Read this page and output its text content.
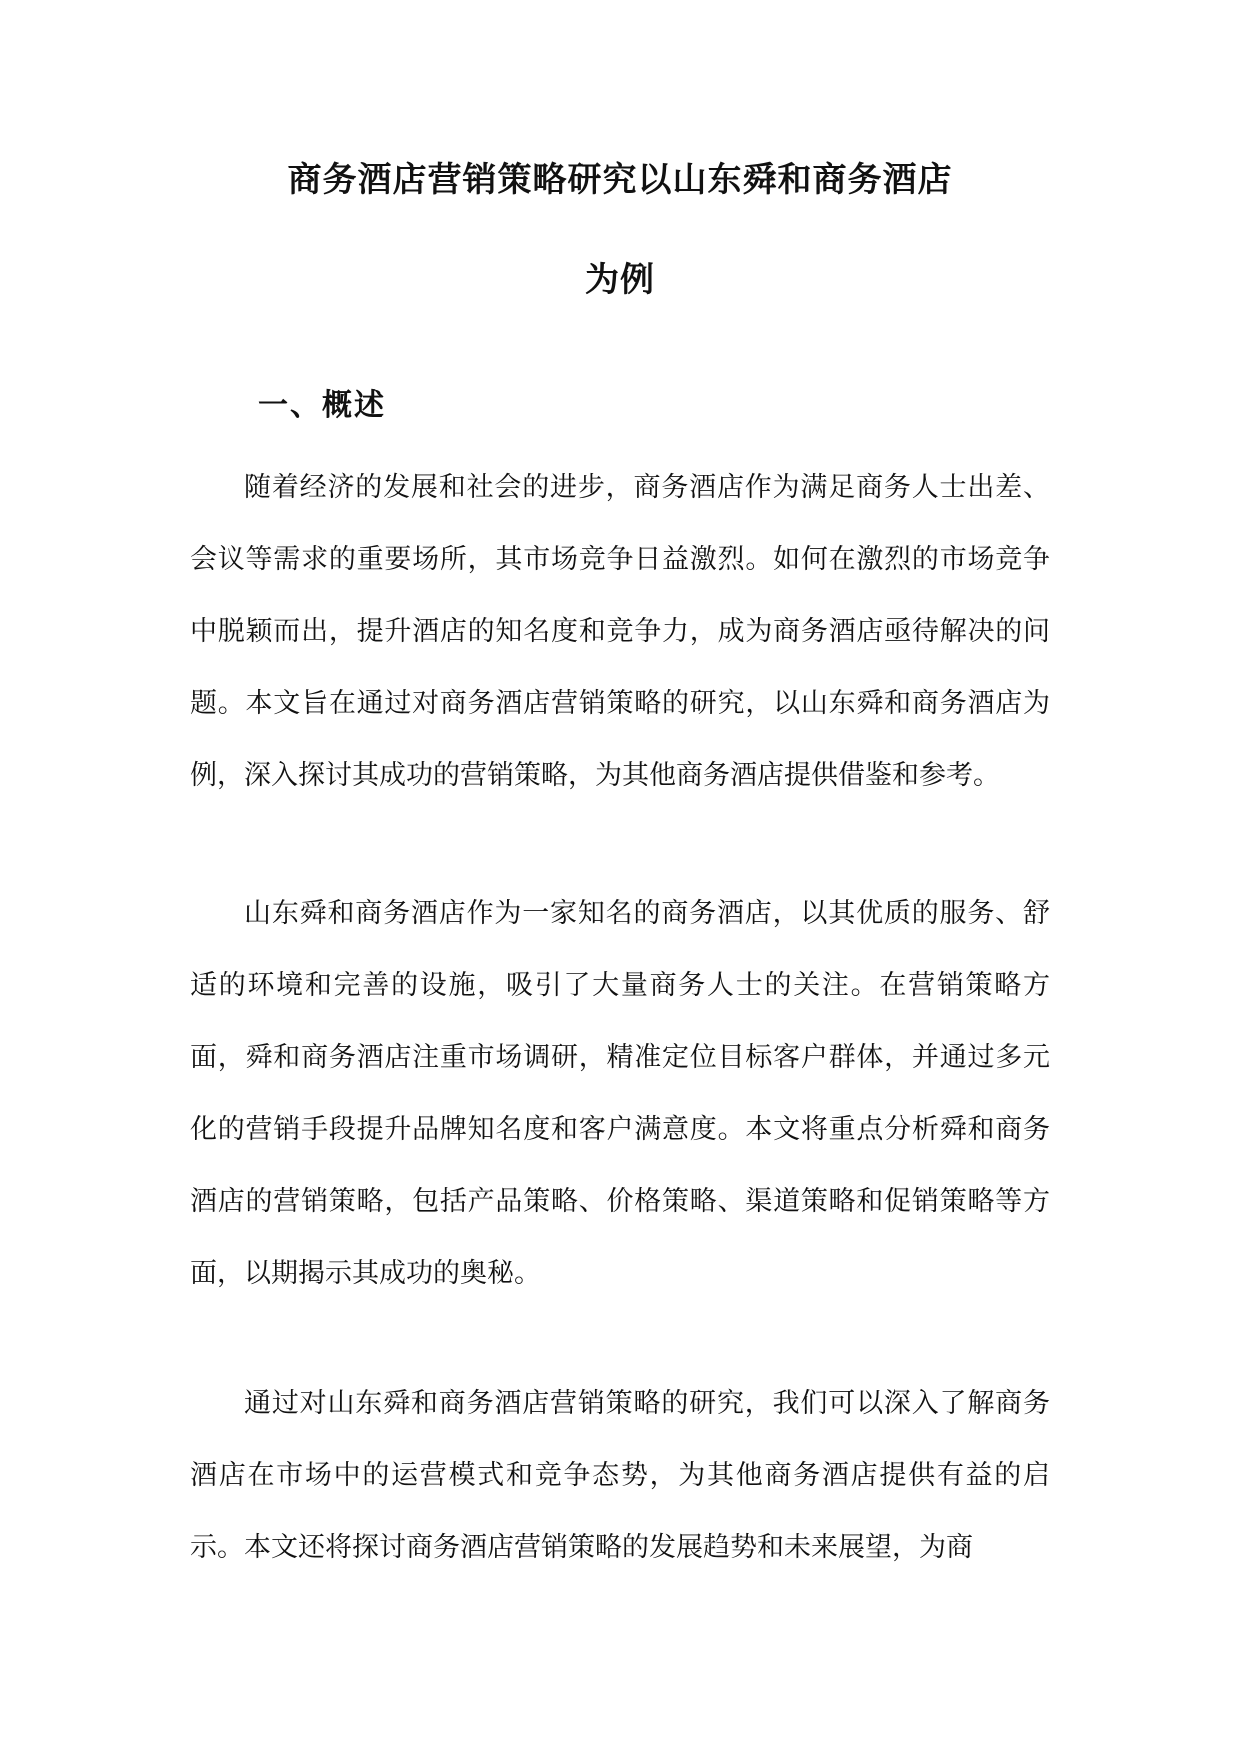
商务酒店营销策略研究以山东舜和商务酒店
为例
一、概述

随着经济的发展和社会的进步，商务酒店作为满足商务人士出差、会议等需求的重要场所，其市场竞争日益激烈。如何在激烈的市场竞争中脱颖而出，提升酒店的知名度和竞争力，成为商务酒店亟待解决的问题。本文旨在通过对商务酒店营销策略的研究，以山东舜和商务酒店为例，深入探讨其成功的营销策略，为其他商务酒店提供借鉴和参考。

山东舜和商务酒店作为一家知名的商务酒店，以其优质的服务、舒适的环境和完善的设施，吸引了大量商务人士的关注。在营销策略方面，舜和商务酒店注重市场调研，精准定位目标客户群体，并通过多元化的营销手段提升品牌知名度和客户满意度。本文将重点分析舜和商务酒店的营销策略，包括产品策略、价格策略、渠道策略和促销策略等方面，以期揭示其成功的奥秘。

通过对山东舜和商务酒店营销策略的研究，我们可以深入了解商务酒店在市场中的运营模式和竞争态势，为其他商务酒店提供有益的启示。本文还将探讨商务酒店营销策略的发展趋势和未来展望，为商
